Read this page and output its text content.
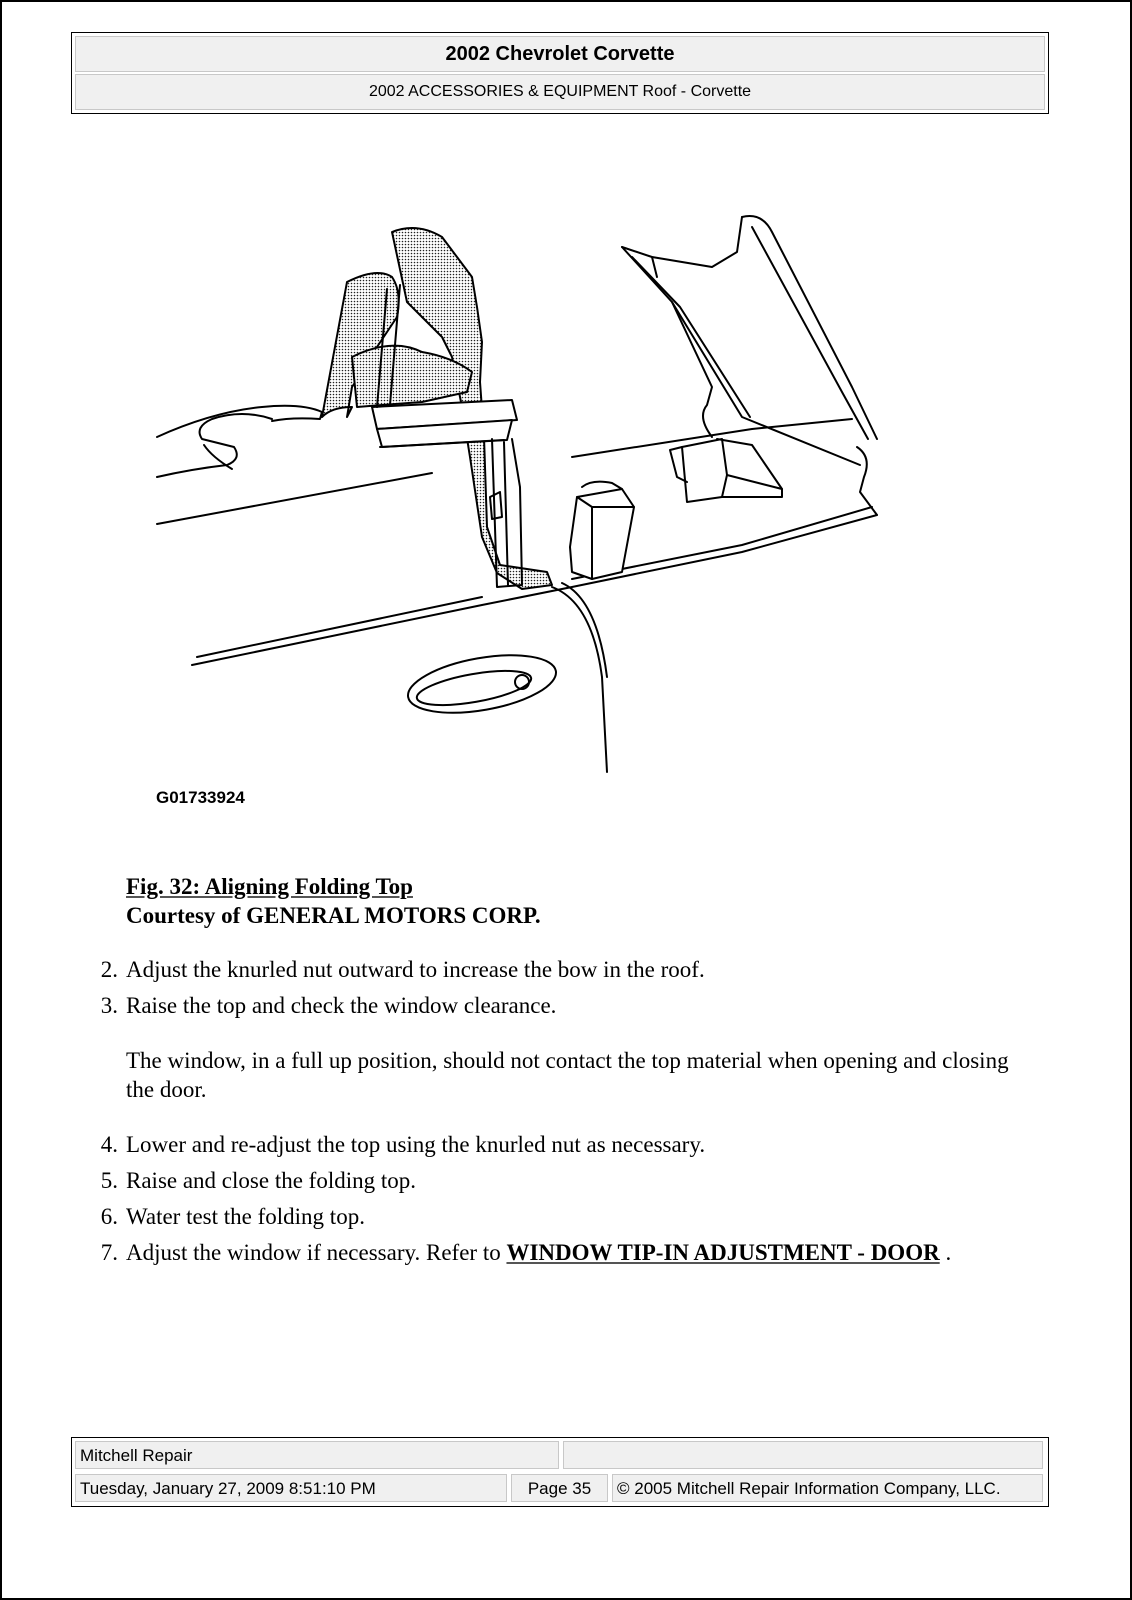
2002 Chevrolet Corvette
2002 ACCESSORIES & EQUIPMENT Roof - Corvette
G01733924
Fig. 32: Aligning Folding Top
Courtesy of GENERAL MOTORS CORP.
2. Adjust the knurled nut outward to increase the bow in the roof.
3. Raise the top and check the window clearance.
The window, in a full up position, should not contact the top material when opening and closing the door.
4. Lower and re-adjust the top using the knurled nut as necessary.
5. Raise and close the folding top.
6. Water test the folding top.
7. Adjust the window if necessary. Refer to WINDOW TIP-IN ADJUSTMENT - DOOR .
Mitchell Repair
Tuesday, January 27, 2009 8:51:10 PM	Page 35	© 2005 Mitchell Repair Information Company, LLC.
